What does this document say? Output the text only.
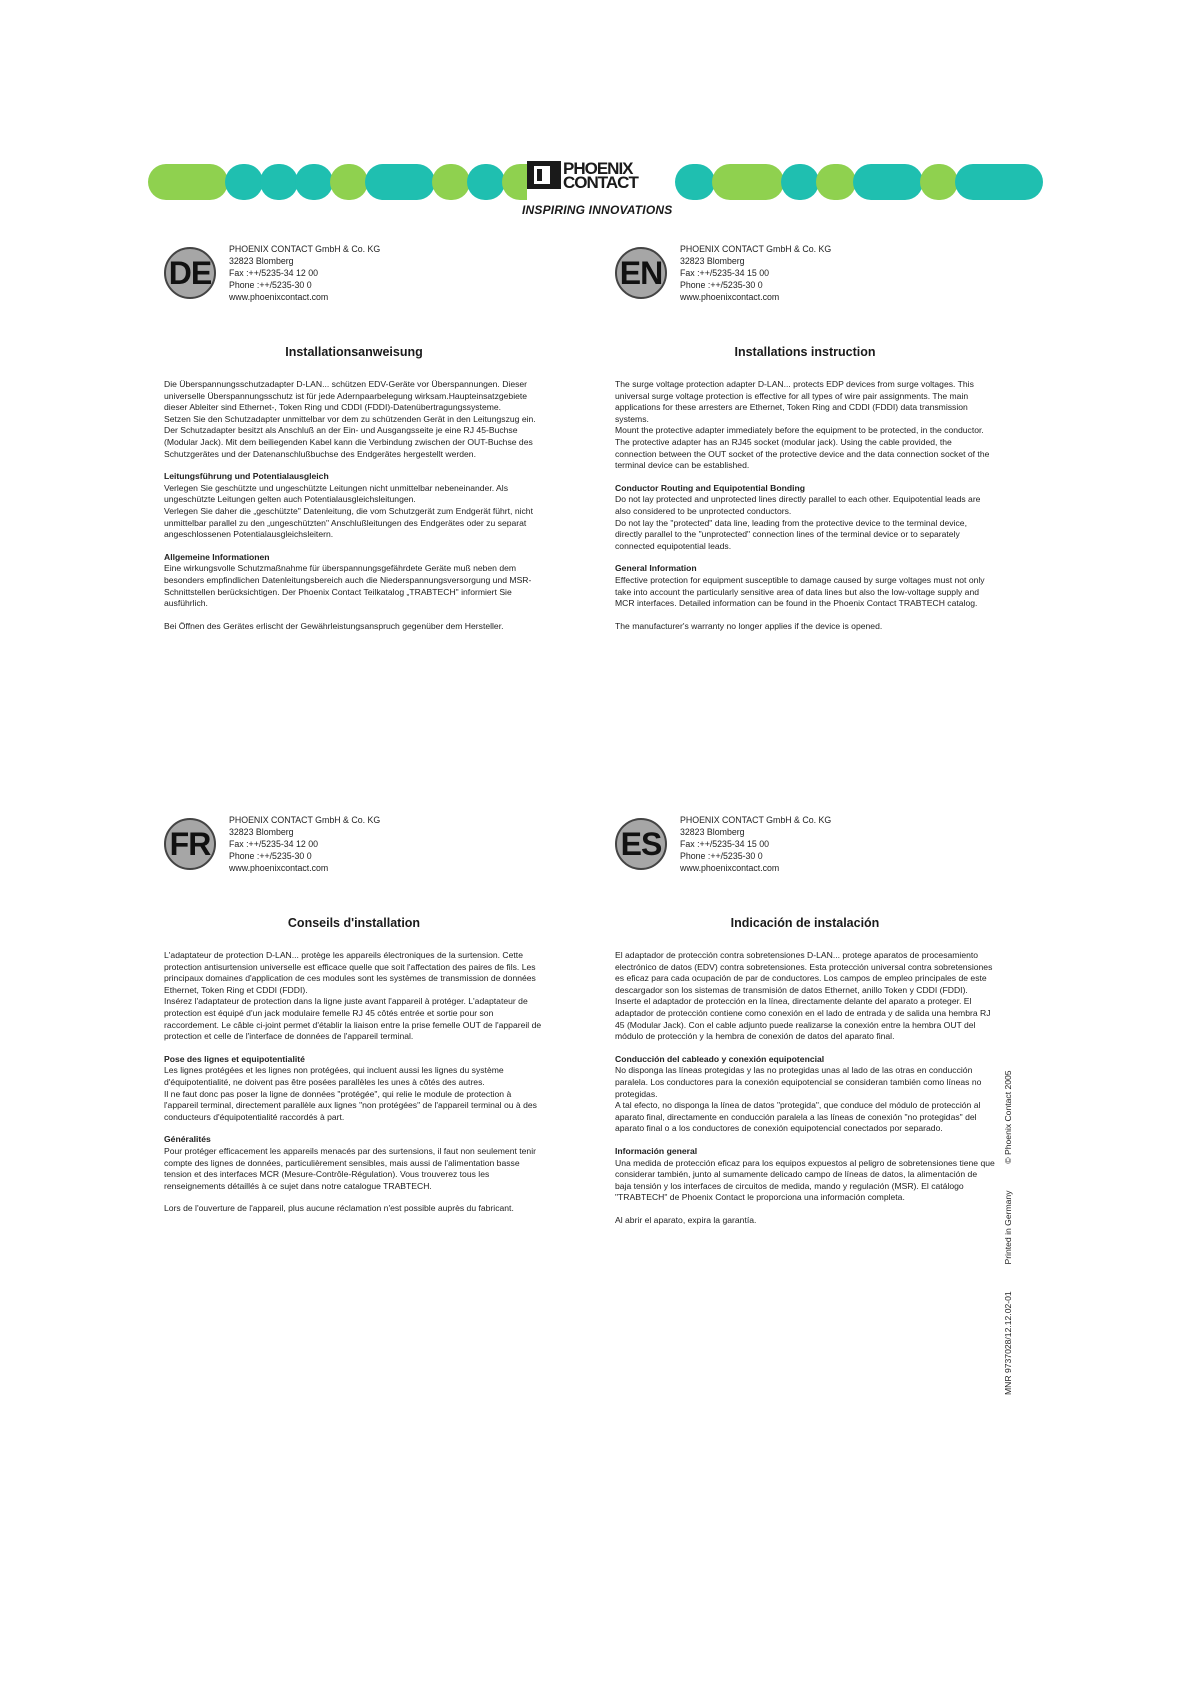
PHOENIX
CONTACT
INSPIRING INNOVATIONS
DE
PHOENIX CONTACT GmbH & Co. KG
32823 Blomberg
Fax :++/5235-34 12 00
Phone :++/5235-30 0
www.phoenixcontact.com
Installationsanweisung

Die Überspannungsschutzadapter D-LAN... schützen EDV-Geräte vor Überspannungen. Dieser universelle Überspannungsschutz ist für jede Adernpaarbelegung wirksam.Haupteinsatzgebiete dieser Ableiter sind Ethernet-, Token Ring und CDDI (FDDI)-Datenübertragungssysteme.

Setzen Sie den Schutzadapter unmittelbar vor dem zu schützenden Gerät in den Leitungszug ein. Der Schutzadapter besitzt als Anschluß an der Ein- und Ausgangsseite je eine RJ 45-Buchse (Modular Jack). Mit dem beiliegenden Kabel kann die Verbindung zwischen der OUT-Buchse des Schutzgerätes und der Datenanschlußbuchse des Endgerätes hergestellt werden.

Leitungsführung und Potentialausgleich

Verlegen Sie geschützte und ungeschützte Leitungen nicht unmittelbar nebeneinander. Als ungeschützte Leitungen gelten auch Potentialausgleichsleitungen.

Verlegen Sie daher die „geschützte" Datenleitung, die vom Schutzgerät zum Endgerät führt, nicht unmittelbar parallel zu den „ungeschützten" Anschlußleitungen des Endgerätes oder zu separat angeschlossenen Potentialausgleichsleitern.

Allgemeine Informationen

Eine wirkungsvolle Schutzmaßnahme für überspannungsgefährdete Geräte muß neben dem besonders empfindlichen Datenleitungsbereich auch die Niederspannungsversorgung und MSR-Schnittstellen berücksichtigen. Der Phoenix Contact Teilkatalog „TRABTECH" informiert Sie ausführlich.

Bei Öffnen des Gerätes erlischt der Gewährleistungsanspruch gegenüber dem Hersteller.

EN
PHOENIX CONTACT GmbH & Co. KG
32823 Blomberg
Fax :++/5235-34 15 00
Phone :++/5235-30 0
www.phoenixcontact.com
Installations instruction

The surge voltage protection adapter D-LAN... protects EDP devices from surge voltages. This universal surge voltage protection is effective for all types of wire pair assignments. The main applications for these arresters are Ethernet, Token Ring and CDDI (FDDI) data transmission systems.

Mount the protective adapter immediately before the equipment to be protected, in the conductor. The protective adapter has an RJ45 socket (modular jack). Using the cable provided, the connection between the OUT socket of the protective device and the data connection socket of the terminal device can be established.

Conductor Routing and Equipotential Bonding

Do not lay protected and unprotected lines directly parallel to each other. Equipotential leads are also considered to be unprotected conductors.

Do not lay the "protected" data line, leading from the protective device to the terminal device, directly parallel to the "unprotected" connection lines of the terminal device or to separately connected equipotential leads.

General Information

Effective protection for equipment susceptible to damage caused by surge voltages must not only take into account the particularly sensitive area of data lines but also the low-voltage supply and MCR interfaces. Detailed information can be found in the Phoenix Contact TRABTECH catalog.

The manufacturer's warranty no longer applies if the device is opened.

FR
PHOENIX CONTACT GmbH & Co. KG
32823 Blomberg
Fax :++/5235-34 12 00
Phone :++/5235-30 0
www.phoenixcontact.com
Conseils d'installation

L'adaptateur de protection D-LAN... protège les appareils électroniques de la surtension. Cette protection antisurtension universelle est efficace quelle que soit l'affectation des paires de fils. Les principaux domaines d'application de ces modules sont les systèmes de transmission de données Ethernet, Token Ring et CDDI (FDDI).

Insérez l'adaptateur de protection dans la ligne juste avant l'appareil à protéger. L'adaptateur de protection est équipé d'un jack modulaire femelle RJ 45 côtés entrée et sortie pour son raccordement. Le câble ci-joint permet d'établir la liaison entre la prise femelle OUT de l'appareil de protection et celle de l'interface de données de l'appareil terminal.

Pose des lignes et equipotentialité

Les lignes protégées et les lignes non protégées, qui incluent aussi les lignes du système d'équipotentialité, ne doivent pas être posées parallèles les unes à côtés des autres.

Il ne faut donc pas poser la ligne de données "protégée", qui relie le module de protection à l'appareil terminal, directement parallèle aux lignes "non protégées" de l'appareil terminal ou à des conducteurs d'équipotentialité raccordés à part.

Généralités

Pour protéger efficacement les appareils menacés par des surtensions, il faut non seulement tenir compte des lignes de données, particulièrement sensibles, mais aussi de l'alimentation basse tension et des interfaces MCR (Mesure-Contrôle-Régulation). Vous trouverez tous les renseignements détaillés à ce sujet dans notre catalogue TRABTECH.

Lors de l'ouverture de l'appareil, plus aucune réclamation n'est possible auprès du fabricant.

ES
PHOENIX CONTACT GmbH & Co. KG
32823 Blomberg
Fax :++/5235-34 15 00
Phone :++/5235-30 0
www.phoenixcontact.com
Indicación de instalación

El adaptador de protección contra sobretensiones D-LAN... protege aparatos de procesamiento electrónico de datos (EDV) contra sobretensiones. Esta protección universal contra sobretensiones es eficaz para cada ocupación de par de conductores. Los campos de empleo principales de este descargador son los sistemas de transmisión de datos Ethernet, anillo Token y CDDI (FDDI).

Inserte el adaptador de protección en la línea, directamente delante del aparato a proteger. El adaptador de protección contiene como conexión en el lado de entrada y de salida una hembra RJ 45 (Modular Jack). Con el cable adjunto puede realizarse la conexión entre la hembra OUT del módulo de protección y la hembra de conexión de datos del aparato final.

Conducción del cableado y conexión equipotencial

No disponga las líneas protegidas y las no protegidas unas al lado de las otras en conducción paralela. Los conductores para la conexión equipotencial se consideran también como líneas no protegidas.

A tal efecto, no disponga la línea de datos "protegida", que conduce del módulo de protección al aparato final, directamente en conducción paralela a las líneas de conexión "no protegidas" del aparato final o a los conductores de conexión equipotencial conectados por separado.

Información general

Una medida de protección eficaz para los equipos expuestos al peligro de sobretensiones tiene que considerar también, junto al sumamente delicado campo de líneas de datos, la alimentación de baja tensión y los interfaces de circuitos de medida, mando y regulación (MSR). El catálogo "TRABTECH" de Phoenix Contact le proporciona una información completa.

Al abrir el aparato, expira la garantía.

MNR 9737028/12.12.02-01  Printed in Germany  © Phoenix Contact 2005
